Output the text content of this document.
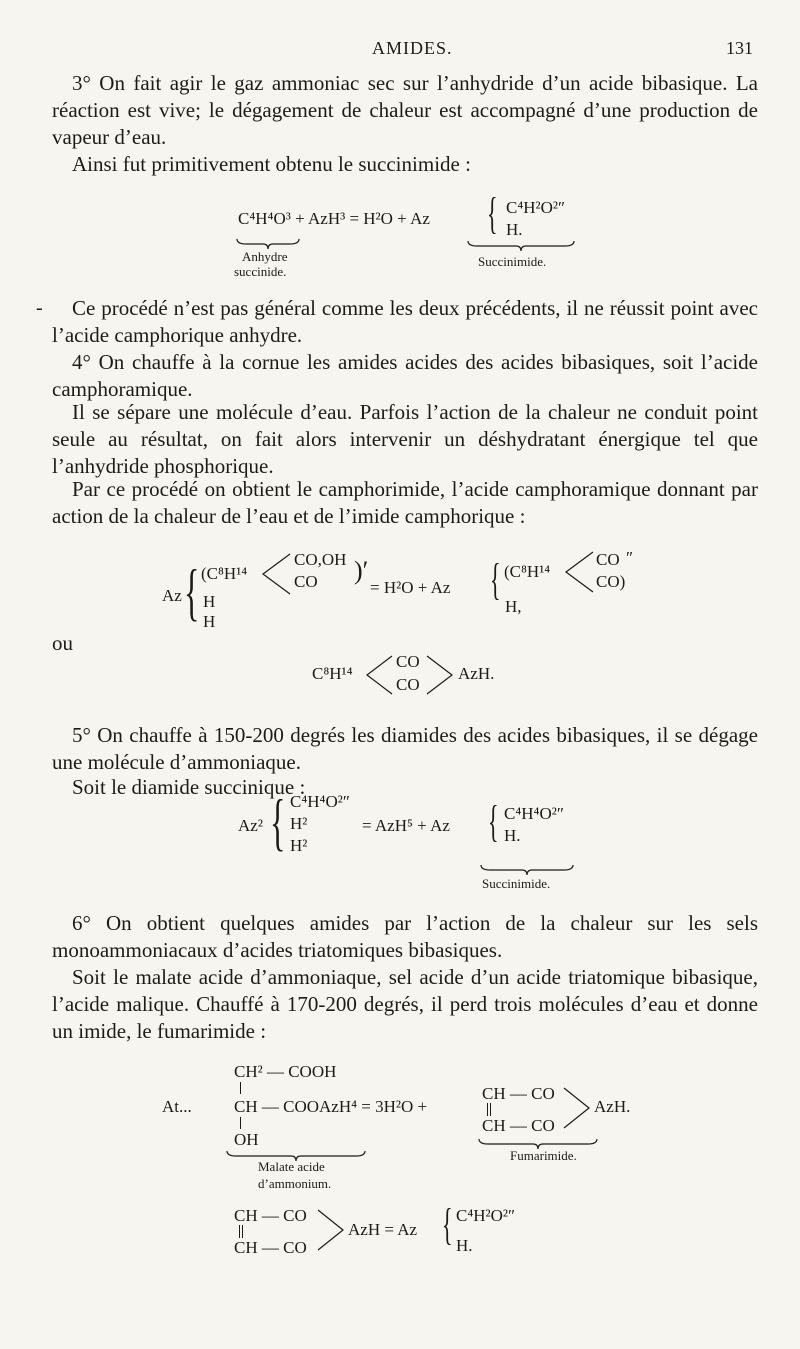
AMIDES.	131
3° On fait agir le gaz ammoniac sec sur l’anhydride d’un acide bibasique. La réaction est vive; le dégagement de chaleur est accompagné d’une production de vapeur d’eau.
Ainsi fut primitivement obtenu le succinimide :
C⁴H⁴O³ + AzH³ = H²O + Az { C⁴H²O²″
H.
Anhydre
succinide.
Succinimide.
-	Ce procédé n’est pas général comme les deux précédents, il ne réussit point avec l’acide camphorique anhydre.
4° On chauffe à la cornue les amides acides des acides bibasiques, soit l’acide camphoramique.
Il se sépare une molécule d’eau. Parfois l’action de la chaleur ne conduit point seule au résultat, on fait alors intervenir un déshydratant énergique tel que l’anhydride phosphorique.
Par ce procédé on obtient le camphorimide, l’acide camphoramique donnant par action de la chaleur de l’eau et de l’imide camphorique :
Az { (C⁸H¹⁴
CO,OH
CO )′
H
H
= H²O + Az { (C⁸H¹⁴
CO
CO)
″
H,
ou
C⁸H¹⁴
CO
CO
AzH.
5° On chauffe à 150-200 degrés les diamides des acides bibasiques, il se dégage une molécule d’ammoniaque.
Soit le diamide succinique :
Az² { C⁴H⁴O²″
H²
H²
= AzH⁵ + Az { C⁴H⁴O²″
H.
Succinimide.
6° On obtient quelques amides par l’action de la chaleur sur les sels monoammoniacaux d’acides triatomiques bibasiques.
Soit le malate acide d’ammoniaque, sel acide d’un acide triatomique bibasique, l’acide malique. Chauffé à 170-200 degrés, il perd trois molécules d’eau et donne un imide, le fumarimide :
CH² — COOH
At... CH — COOAzH⁴ = 3H²O +
OH
Malate acide
d’ammonium.
CH — CO
CH — CO
AzH.
Fumarimide.
CH — CO
CH — CO
AzH = Az { C⁴H²O²″
H.
